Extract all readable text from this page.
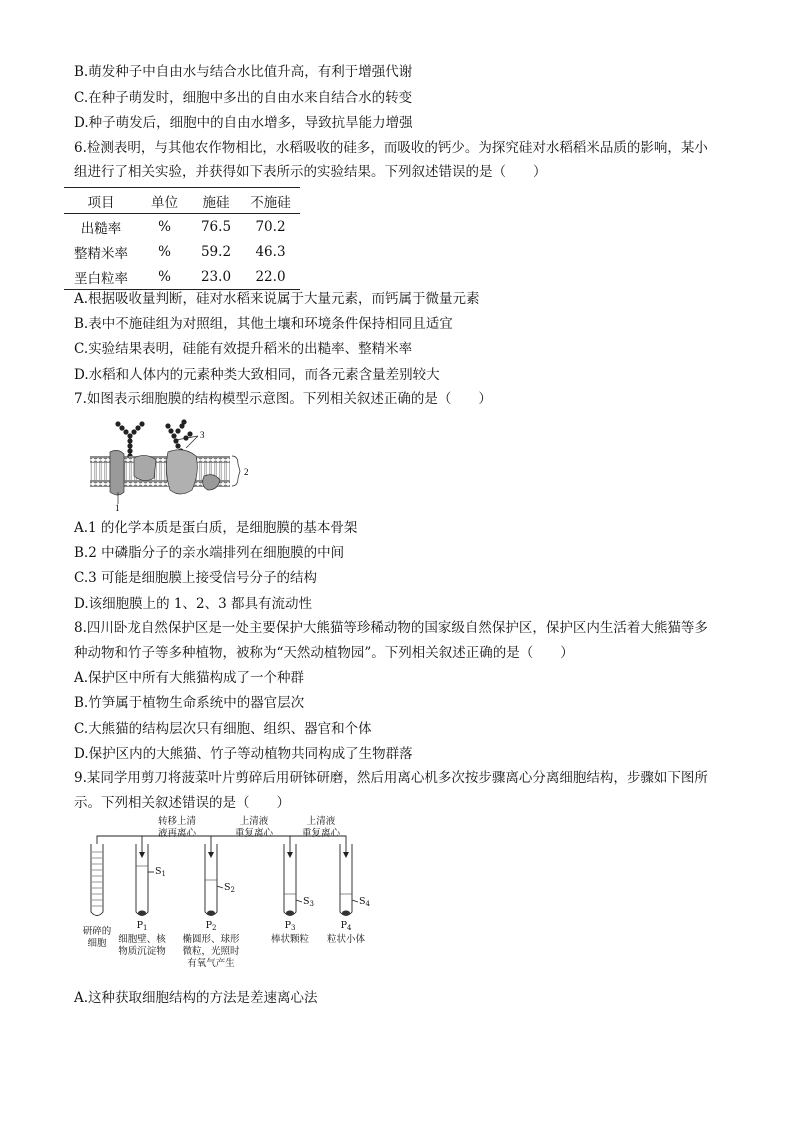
B.萌发种子中自由水与结合水比值升高，有利于增强代谢
C.在种子萌发时，细胞中多出的自由水来自结合水的转变
D.种子萌发后，细胞中的自由水增多，导致抗旱能力增强
6.检测表明，与其他农作物相比，水稻吸收的硅多，而吸收的钙少。为探究硅对水稻稻米品质的影响，某小
组进行了相关实验，并获得如下表所示的实验结果。下列叙述错误的是（　　）
项目	单位	施硅	不施硅
出糙率	%	76.5	70.2
整精米率	%	59.2	46.3
垩白粒率	%	23.0	22.0
A.根据吸收量判断，硅对水稻来说属于大量元素，而钙属于微量元素
B.表中不施硅组为对照组，其他土壤和环境条件保持相同且适宜
C.实验结果表明，硅能有效提升稻米的出糙率、整精米率
D.水稻和人体内的元素种类大致相同，而各元素含量差别较大
7.如图表示细胞膜的结构模型示意图。下列相关叙述正确的是（　　）
1
2
3
A.1 的化学本质是蛋白质，是细胞膜的基本骨架
B.2 中磷脂分子的亲水端排列在细胞膜的中间
C.3 可能是细胞膜上接受信号分子的结构
D.该细胞膜上的 1、2、3 都具有流动性
8.四川卧龙自然保护区是一处主要保护大熊猫等珍稀动物的国家级自然保护区，保护区内生活着大熊猫等多
种动物和竹子等多种植物，被称为“天然动植物园”。下列相关叙述正确的是（　　）
A.保护区中所有大熊猫构成了一个种群
B.竹笋属于植物生命系统中的器官层次
C.大熊猫的结构层次只有细胞、组织、器官和个体
D.保护区内的大熊猫、竹子等动植物共同构成了生物群落
9.某同学用剪刀将菠菜叶片剪碎后用研钵研磨，然后用离心机多次按步骤离心分离细胞结构，步骤如下图所
示。下列相关叙述错误的是（　　）
转移上清
液再离心
上清液
重复离心
上清液
重复离心
$S_1$
$S_2$
$S_3$	$S_4$
研碎的
细胞
$P_1$
细胞壁、核
物质沉淀物
$P_2$
椭圆形、球形
微粒，光照时
有氧气产生
$P_3$
棒状颗粒
$P_4$
粒状小体
A.这种获取细胞结构的方法是差速离心法
